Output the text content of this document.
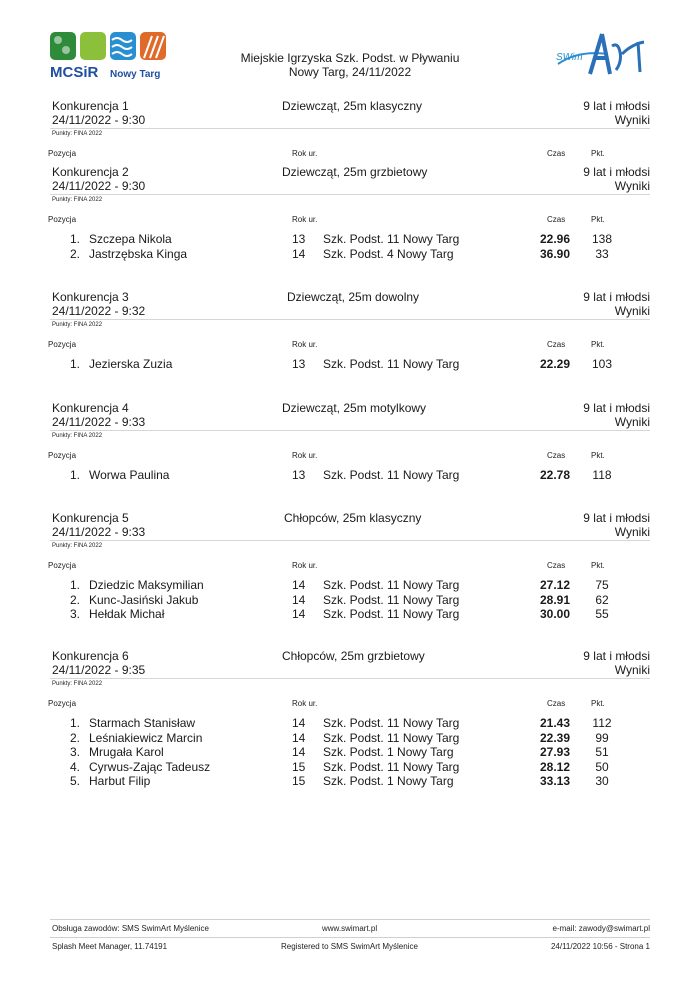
MCSiR Nowy Targ
Miejskie Igrzyska Szk. Podst. w Pływaniu
Nowy Targ, 24/11/2022
SWim
Konkurencja 1	Dziewcząt, 25m klasyczny	9 lat i młodsi
24/11/2022 - 9:30	Wyniki
Punkty: FINA 2022
Pozycja	Rok ur.	Czas	Pkt.
Konkurencja 2	Dziewcząt, 25m grzbietowy	9 lat i młodsi
24/11/2022 - 9:30	Wyniki
Punkty: FINA 2022
Pozycja	Rok ur.	Czas	Pkt.
1. Szczepa Nikola	13 Szk. Podst. 11 Nowy Targ	22.96	138
2. Jastrzębska Kinga	14 Szk. Podst. 4 Nowy Targ	36.90	33
Konkurencja 3	Dziewcząt, 25m dowolny	9 lat i młodsi
24/11/2022 - 9:32	Wyniki
Punkty: FINA 2022
Pozycja	Rok ur.	Czas	Pkt.
1. Jezierska Zuzia	13 Szk. Podst. 11 Nowy Targ	22.29	103
Konkurencja 4	Dziewcząt, 25m motylkowy	9 lat i młodsi
24/11/2022 - 9:33	Wyniki
Punkty: FINA 2022
Pozycja	Rok ur.	Czas	Pkt.
1. Worwa Paulina	13 Szk. Podst. 11 Nowy Targ	22.78	118
Konkurencja 5	Chłopców, 25m klasyczny	9 lat i młodsi
24/11/2022 - 9:33	Wyniki
Punkty: FINA 2022
Pozycja	Rok ur.	Czas	Pkt.
1. Dziedzic Maksymilian	14 Szk. Podst. 11 Nowy Targ	27.12	75
2. Kunc-Jasiński Jakub	14 Szk. Podst. 11 Nowy Targ	28.91	62
3. Hełdak Michał	14 Szk. Podst. 11 Nowy Targ	30.00	55
Konkurencja 6	Chłopców, 25m grzbietowy	9 lat i młodsi
24/11/2022 - 9:35	Wyniki
Punkty: FINA 2022
Pozycja	Rok ur.	Czas	Pkt.
1. Starmach Stanisław	14 Szk. Podst. 11 Nowy Targ	21.43	112
2. Leśniakiewicz Marcin	14 Szk. Podst. 11 Nowy Targ	22.39	99
3. Mrugała Karol	14 Szk. Podst. 1 Nowy Targ	27.93	51
4. Cyrwus-Zając Tadeusz	15 Szk. Podst. 11 Nowy Targ	28.12	50
5. Harbut Filip	15 Szk. Podst. 1 Nowy Targ	33.13	30
Obsługa zawodów: SMS SwimArt Myślenice	www.swimart.pl	e-mail: zawody@swimart.pl
Splash Meet Manager, 11.74191	Registered to SMS SwimArt Myślenice	24/11/2022 10:56 - Strona 1
